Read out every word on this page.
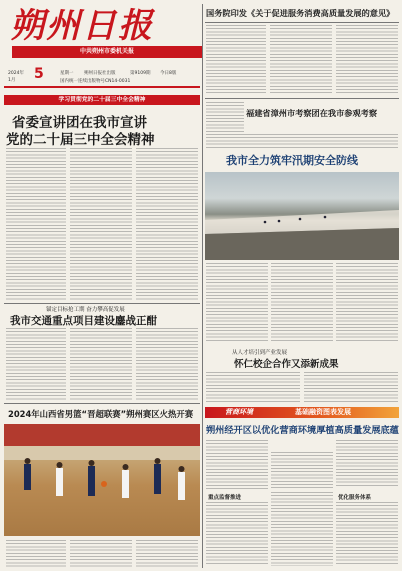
朔州日报
中共朔州市委机关报
2024年
1月 5	星期一 朔州日报社出版	第9109期 今日8版
国内统一连续出版物号CN14-0031
国务院印发《关于促进服务消费高质量发展的意见》
福建省漳州市考察团在我市参观考察
我市全力筑牢汛期安全防线
从人才培引到产业发展
怀仁校企合作又添新成果
营商环境	基础融资图表发展
朔州经开区以优化营商环境厚植高质量发展底蕴
重点监督推进	优化服务体系
学习贯彻党的二十届三中全会精神
省委宣讲团在我市宣讲
党的二十届三中全会精神
锚定目标抢工期 奋力攀高促发展
我市交通重点项目建设鏖战正酣
2024年山西省男篮“晋超联赛”朔州赛区火热开赛
